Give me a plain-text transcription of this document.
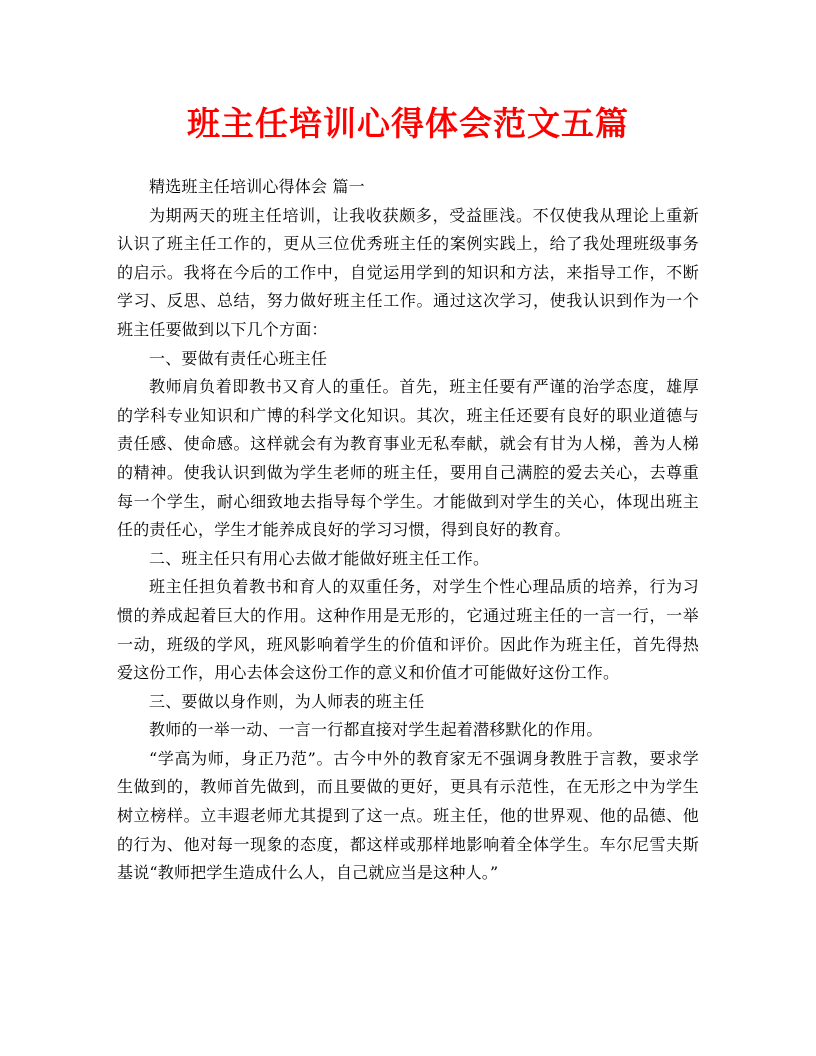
班主任培训心得体会范文五篇

精选班主任培训心得体会 篇一

为期两天的班主任培训，让我收获颇多，受益匪浅。不仅使我从理论上重新认识了班主任工作的，更从三位优秀班主任的案例实践上，给了我处理班级事务的启示。我将在今后的工作中，自觉运用学到的知识和方法，来指导工作，不断学习、反思、总结，努力做好班主任工作。通过这次学习，使我认识到作为一个班主任要做到以下几个方面：

一、要做有责任心班主任

教师肩负着即教书又育人的重任。首先，班主任要有严谨的治学态度，雄厚的学科专业知识和广博的科学文化知识。其次，班主任还要有良好的职业道德与责任感、使命感。这样就会有为教育事业无私奉献，就会有甘为人梯，善为人梯的精神。使我认识到做为学生老师的班主任，要用自己满腔的爱去关心，去尊重每一个学生，耐心细致地去指导每个学生。才能做到对学生的关心，体现出班主任的责任心，学生才能养成良好的学习习惯，得到良好的教育。

二、班主任只有用心去做才能做好班主任工作。

班主任担负着教书和育人的双重任务，对学生个性心理品质的培养，行为习惯的养成起着巨大的作用。这种作用是无形的，它通过班主任的一言一行，一举一动，班级的学风，班风影响着学生的价值和评价。因此作为班主任，首先得热爱这份工作，用心去体会这份工作的意义和价值才可能做好这份工作。

三、要做以身作则，为人师表的班主任

教师的一举一动、一言一行都直接对学生起着潜移默化的作用。

“学高为师，身正乃范”。古今中外的教育家无不强调身教胜于言教，要求学生做到的，教师首先做到，而且要做的更好，更具有示范性，在无形之中为学生树立榜样。立丰遐老师尤其提到了这一点。班主任，他的世界观、他的品德、他的行为、他对每一现象的态度，都这样或那样地影响着全体学生。车尔尼雪夫斯基说“教师把学生造成什么人，自己就应当是这种人。”
